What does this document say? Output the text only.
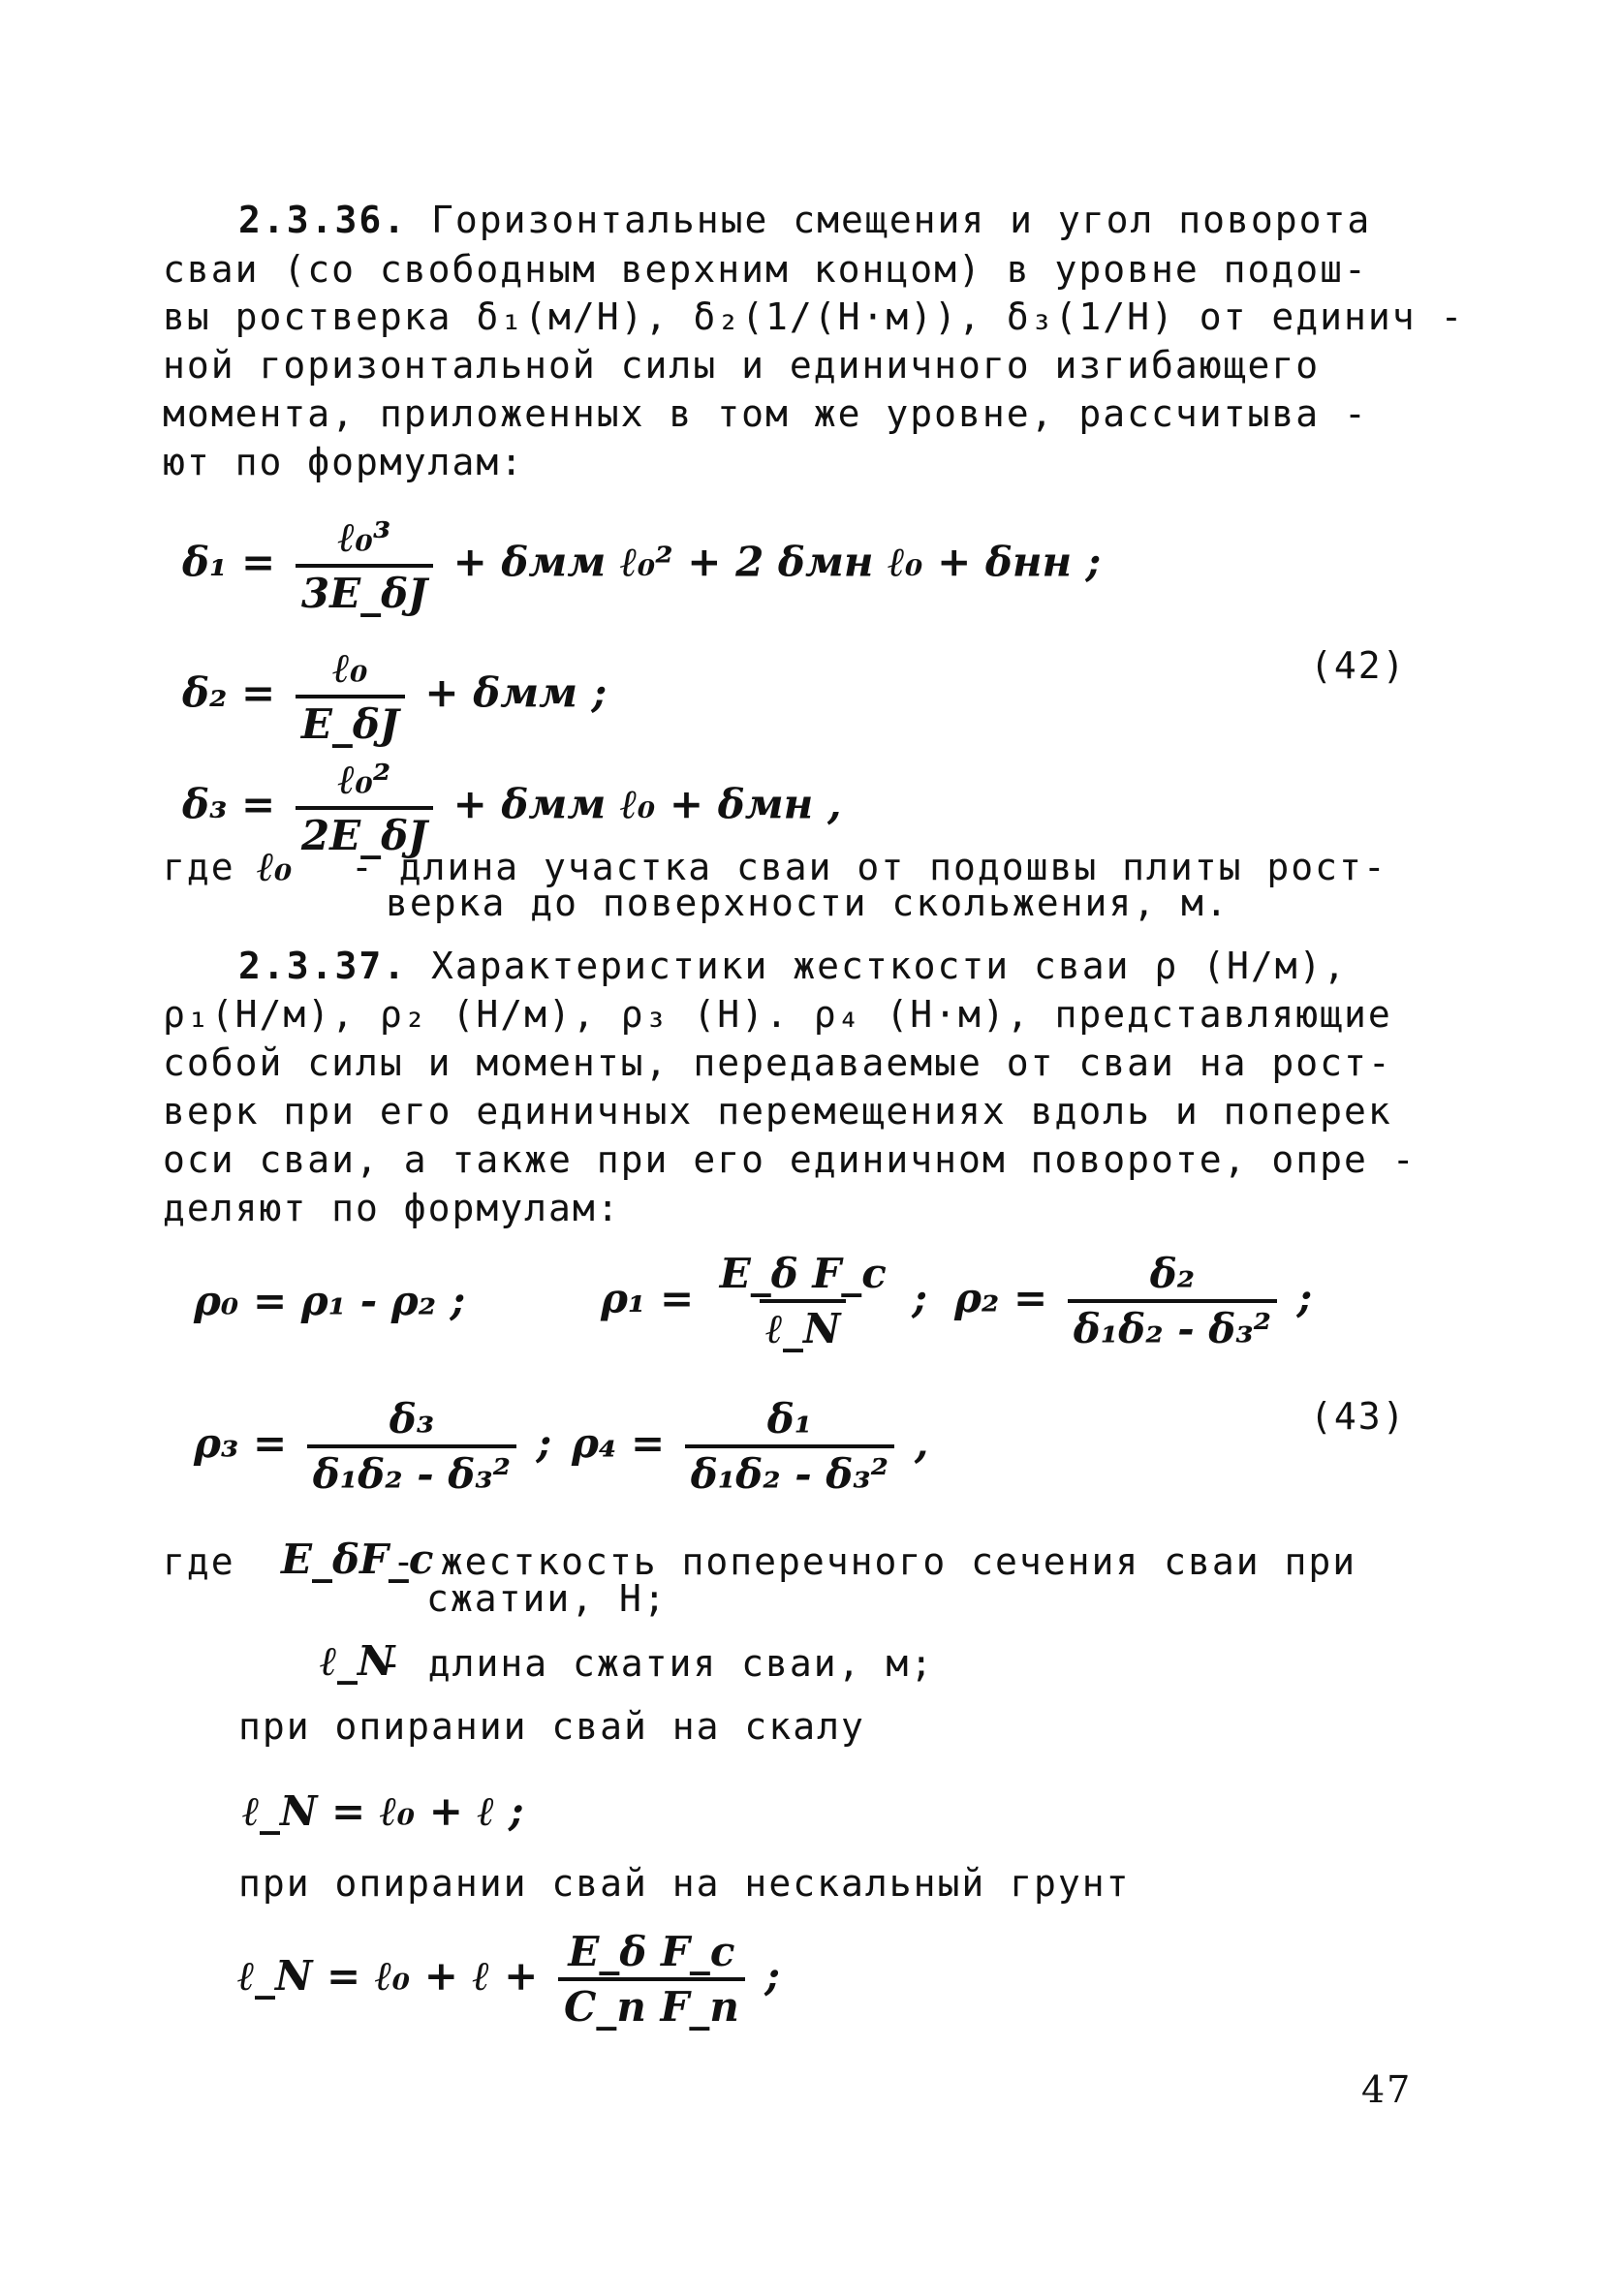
2.3.36. Горизонтальные смещения и угол поворота
сваи (со свободным верхним концом) в уровне подош-
вы ростверка δ₁(м/Н), δ₂(1/(Н·м)), δ₃(1/Н) от единич -
ной горизонтальной силы и единичного изгибающего
момента, приложенных в том же уровне, рассчитыва -
ют по формулам:
$\delta_1 = \frac{\text{ℓ₀³}}{3E\_\delta J} + \delta мм$ ℓ₀² + 2 δмн ℓ₀ + δнн ;
$\delta_2 = \frac{\text{ℓ₀}}{E\_\delta J} + \delta мм$ ;
(42)
$\delta_3 = \frac{\text{ℓ₀²}}{2E\_\delta J} + \delta мм$ ℓ₀ + δмн ,
где ℓ₀ - длина участка сваи от подошвы плиты рост-
верка до поверхности скольжения, м.
2.3.37. Характеристики жесткости сваи ρ (Н/м),
ρ₁(Н/м), ρ₂ (Н/м), ρ₃ (Н). ρ₄ (Н·м), представляющие
собой силы и моменты, передаваемые от сваи на рост-
верк при его единичных перемещениях вдоль и поперек
оси сваи, а также при его единичном повороте, опре -
деляют по формулам:
ρ₀ = ρ₁ - ρ₂ ;	$\rho_1 = \frac{\text{E\_δ F\_c}}{\text{ℓ\_N}}$ ; $\rho_2 = \frac{\text{δ₂}}{\text{δ₁δ₂ - δ₃²}}$ ;
$\rho_3 = \frac{\text{δ₃}}{\text{δ₁δ₂ - δ₃²}}$ ; $\rho_4 = \frac{\text{δ₁}}{\text{δ₁δ₂ - δ₃²}}$ ,
(43)
где E_δF_c
- жесткость поперечного сечения сваи при
сжатии, Н;
ℓ_N
- длина сжатия сваи, м;
при опирании свай на скалу
ℓ_N = ℓ₀ + ℓ ;
при опирании свай на нескальный грунт
ℓ_N = ℓ₀ + ℓ + $\frac{\text{E\_δ F\_c}}{\text{C\_п F\_п}}$ ;
47
